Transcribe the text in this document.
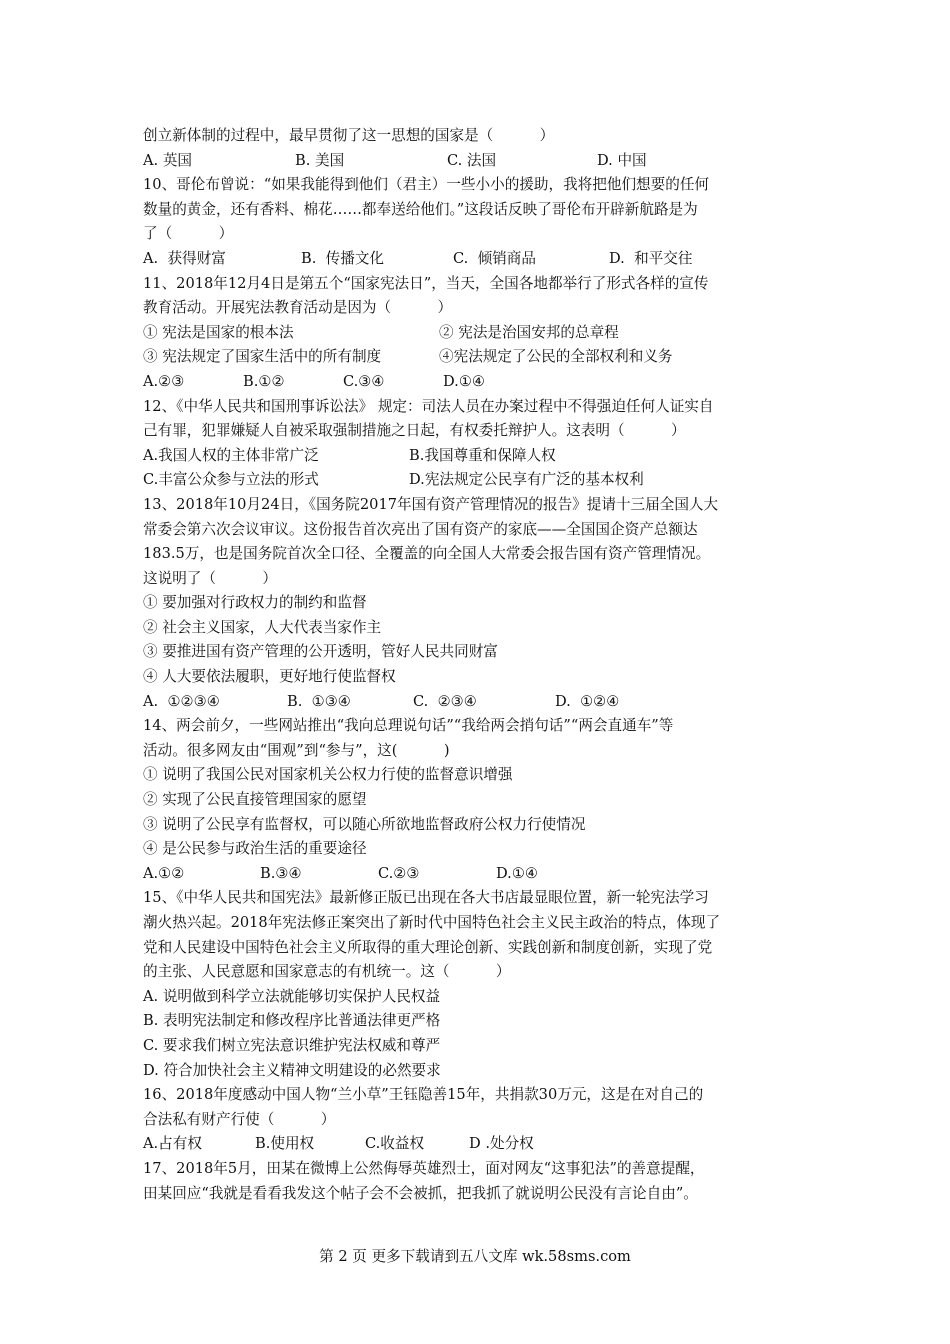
创立新体制的过程中，最早贯彻了这一思想的国家是（          ）
A. 英国	B. 美国	C. 法国	D. 中国
10、哥伦布曾说：“如果我能得到他们（君主）一些小小的援助，我将把他们想要的任何
数量的黄金，还有香料、棉花……都奉送给他们。”这段话反映了哥伦布开辟新航路是为
了（          ）
A.  获得财富	B.  传播文化	C.  倾销商品	D.  和平交往
11、2018年12月4日是第五个“国家宪法日”，当天，全国各地都举行了形式各样的宣传
教育活动。开展宪法教育活动是因为（          ）
① 宪法是国家的根本法	② 宪法是治国安邦的总章程
③ 宪法规定了国家生活中的所有制度	④宪法规定了公民的全部权利和义务
A.②③	B.①②	C.③④	D.①④
12、《中华人民共和国刑事诉讼法》 规定：司法人员在办案过程中不得强迫任何人证实自
己有罪，犯罪嫌疑人自被采取强制措施之日起，有权委托辩护人。这表明（          ）
A.我国人权的主体非常广泛	B.我国尊重和保障人权
C.丰富公众参与立法的形式	D.宪法规定公民享有广泛的基本权利
13、2018年10月24日，《国务院2017年国有资产管理情况的报告》提请十三届全国人大
常委会第六次会议审议。这份报告首次亮出了国有资产的家底——全国国企资产总额达
183.5万，也是国务院首次全口径、全覆盖的向全国人大常委会报告国有资产管理情况。
这说明了（          ）
① 要加强对行政权力的制约和监督
② 社会主义国家，人大代表当家作主
③ 要推进国有资产管理的公开透明，管好人民共同财富
④ 人大要依法履职，更好地行使监督权
A.  ①②③④	B.  ①③④	C.  ②③④	D.  ①②④
14、两会前夕，一些网站推出“我向总理说句话”“我给两会捎句话”“两会直通车”等
活动。很多网友由“围观”到“参与”，这(          )
① 说明了我国公民对国家机关公权力行使的监督意识增强
② 实现了公民直接管理国家的愿望
③ 说明了公民享有监督权，可以随心所欲地监督政府公权力行使情况
④ 是公民参与政治生活的重要途径
A.①②	B.③④	C.②③	D.①④
15、《中华人民共和国宪法》最新修正版已出现在各大书店最显眼位置，新一轮宪法学习
潮火热兴起。2018年宪法修正案突出了新时代中国特色社会主义民主政治的特点，体现了
党和人民建设中国特色社会主义所取得的重大理论创新、实践创新和制度创新，实现了党
的主张、人民意愿和国家意志的有机统一。这（          ）
A. 说明做到科学立法就能够切实保护人民权益
B. 表明宪法制定和修改程序比普通法律更严格
C. 要求我们树立宪法意识维护宪法权威和尊严
D. 符合加快社会主义精神文明建设的必然要求
16、2018年度感动中国人物“兰小草”王钰隐善15年，共捐款30万元，这是在对自己的
合法私有财产行使（          ）
A.占有权	B.使用权	C.收益权	D .处分权
17、2018年5月，田某在微博上公然侮辱英雄烈士，面对网友“这事犯法”的善意提醒，
田某回应“我就是看看我发这个帖子会不会被抓，把我抓了就说明公民没有言论自由”。
第 2 页 更多下载请到五八文库 wk.58sms.com
